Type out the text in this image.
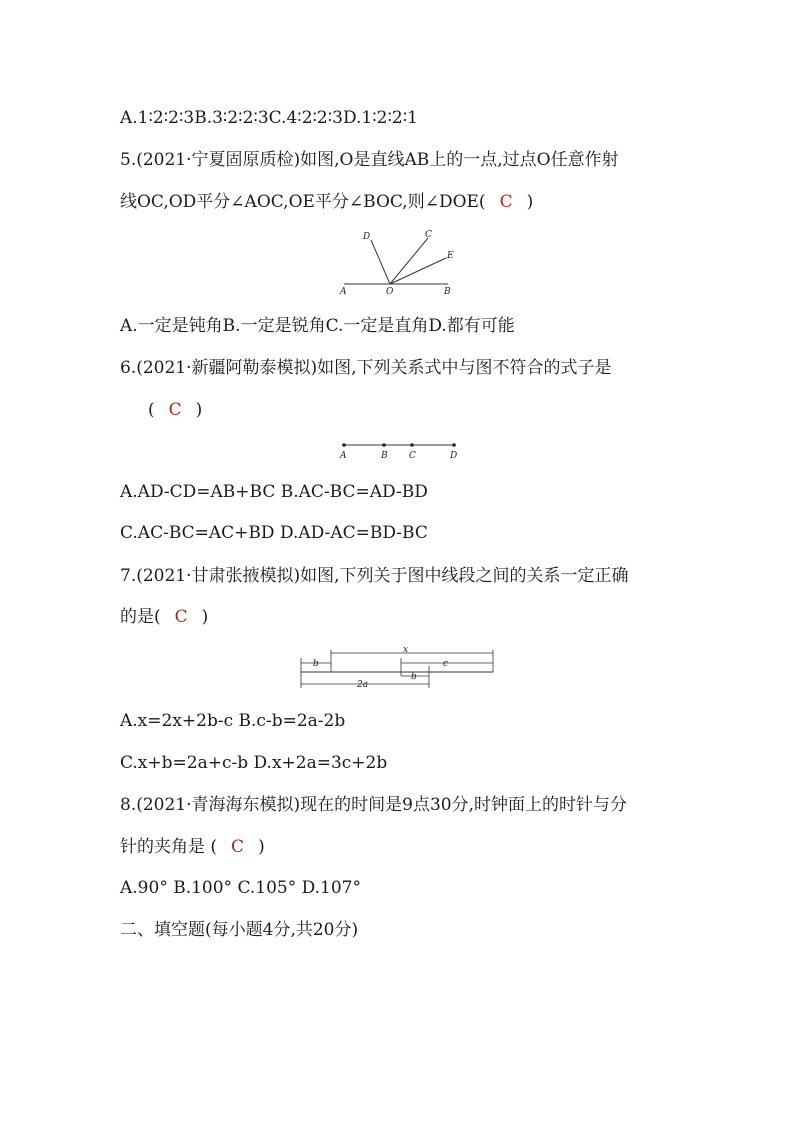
A.1∶2∶2∶3B.3∶2∶2∶3C.4∶2∶2∶3D.1∶2∶2∶1
5.(2021·宁夏固原质检)如图,O是直线AB上的一点,过点O任意作射
线OC,OD平分∠AOC,OE平分∠BOC,则∠DOE( C )
A	O	B
D	C
E
A.一定是钝角B.一定是锐角C.一定是直角D.都有可能
6.(2021·新疆阿勒泰模拟)如图,下列关系式中与图不符合的式子是
( C )
A	B C	D
A.AD-CD=AB+BC B.AC-BC=AD-BD
C.AC-BC=AC+BD D.AD-AC=BD-BC
7.(2021·甘肃张掖模拟)如图,下列关于图中线段之间的关系一定正确
的是( C )
x
b	c
b
2a
A.x=2x+2b-c B.c-b=2a-2b
C.x+b=2a+c-b D.x+2a=3c+2b
8.(2021·青海海东模拟)现在的时间是9点30分,时钟面上的时针与分
针的夹角是 ( C )
A.90° B.100° C.105° D.107°
二、填空题(每小题4分,共20分)
